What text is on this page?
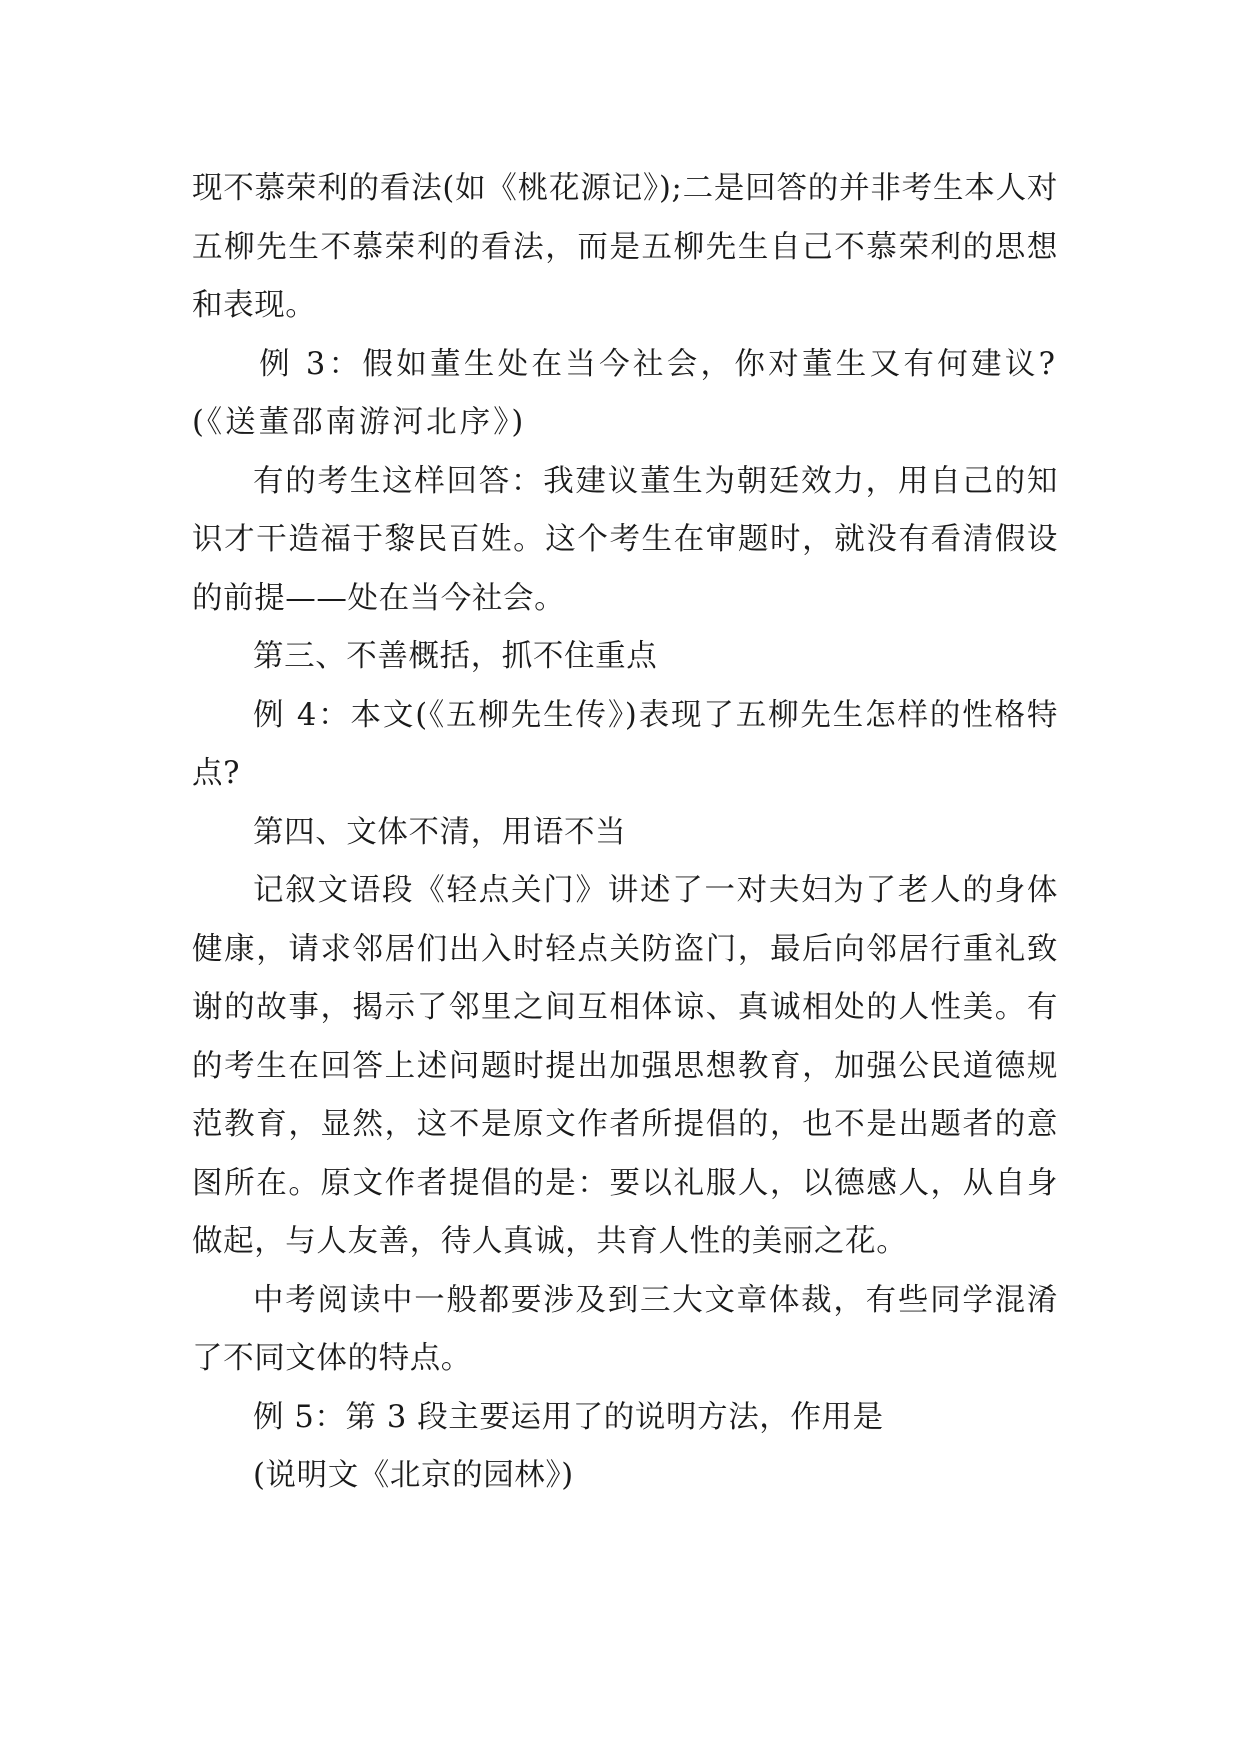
现不慕荣利的看法(如《桃花源记》);二是回答的并非考生本人对五柳先生不慕荣利的看法，而是五柳先生自己不慕荣利的思想和表现。

例 3：假如董生处在当今社会，你对董生又有何建议?(《送董邵南游河北序》)

有的考生这样回答：我建议董生为朝廷效力，用自己的知识才干造福于黎民百姓。这个考生在审题时，就没有看清假设的前提——处在当今社会。

第三、不善概括，抓不住重点

例 4：本文(《五柳先生传》)表现了五柳先生怎样的性格特点?

第四、文体不清，用语不当

记叙文语段《轻点关门》讲述了一对夫妇为了老人的身体健康，请求邻居们出入时轻点关防盗门，最后向邻居行重礼致谢的故事，揭示了邻里之间互相体谅、真诚相处的人性美。有的考生在回答上述问题时提出加强思想教育，加强公民道德规范教育，显然，这不是原文作者所提倡的，也不是出题者的意图所在。原文作者提倡的是：要以礼服人，以德感人，从自身做起，与人友善，待人真诚，共育人性的美丽之花。

中考阅读中一般都要涉及到三大文章体裁，有些同学混淆了不同文体的特点。

例 5：第 3 段主要运用了的说明方法，作用是

(说明文《北京的园林》)
